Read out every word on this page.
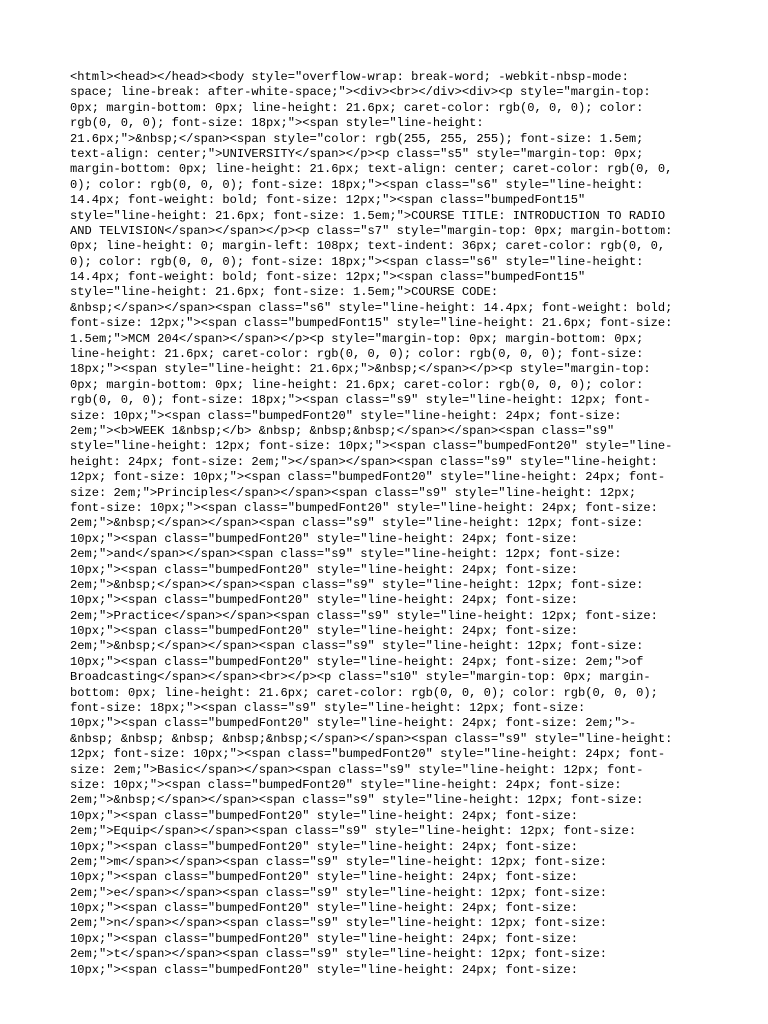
<html><head></head><body style="overflow-wrap: break-word; -webkit-nbsp-mode:
space; line-break: after-white-space;"><div><br></div><div><p style="margin-top:
0px; margin-bottom: 0px; line-height: 21.6px; caret-color: rgb(0, 0, 0); color:
rgb(0, 0, 0); font-size: 18px;"><span style="line-height:
21.6px;">&nbsp;</span><span style="color: rgb(255, 255, 255); font-size: 1.5em;
text-align: center;">UNIVERSITY</span></p><p class="s5" style="margin-top: 0px;
margin-bottom: 0px; line-height: 21.6px; text-align: center; caret-color: rgb(0, 0,
0); color: rgb(0, 0, 0); font-size: 18px;"><span class="s6" style="line-height:
14.4px; font-weight: bold; font-size: 12px;"><span class="bumpedFont15"
style="line-height: 21.6px; font-size: 1.5em;">COURSE TITLE: INTRODUCTION TO RADIO
AND TELVISION</span></span></p><p class="s7" style="margin-top: 0px; margin-bottom:
0px; line-height: 0; margin-left: 108px; text-indent: 36px; caret-color: rgb(0, 0,
0); color: rgb(0, 0, 0); font-size: 18px;"><span class="s6" style="line-height:
14.4px; font-weight: bold; font-size: 12px;"><span class="bumpedFont15"
style="line-height: 21.6px; font-size: 1.5em;">COURSE CODE:
&nbsp;</span></span><span class="s6" style="line-height: 14.4px; font-weight: bold;
font-size: 12px;"><span class="bumpedFont15" style="line-height: 21.6px; font-size:
1.5em;">MCM 204</span></span></p><p style="margin-top: 0px; margin-bottom: 0px;
line-height: 21.6px; caret-color: rgb(0, 0, 0); color: rgb(0, 0, 0); font-size:
18px;"><span style="line-height: 21.6px;">&nbsp;</span></p><p style="margin-top:
0px; margin-bottom: 0px; line-height: 21.6px; caret-color: rgb(0, 0, 0); color:
rgb(0, 0, 0); font-size: 18px;"><span class="s9" style="line-height: 12px; font-
size: 10px;"><span class="bumpedFont20" style="line-height: 24px; font-size:
2em;"><b>WEEK 1&nbsp;</b> &nbsp; &nbsp;&nbsp;</span></span><span class="s9"
style="line-height: 12px; font-size: 10px;"><span class="bumpedFont20" style="line-
height: 24px; font-size: 2em;"></span></span><span class="s9" style="line-height:
12px; font-size: 10px;"><span class="bumpedFont20" style="line-height: 24px; font-
size: 2em;">Principles</span></span><span class="s9" style="line-height: 12px;
font-size: 10px;"><span class="bumpedFont20" style="line-height: 24px; font-size:
2em;">&nbsp;</span></span><span class="s9" style="line-height: 12px; font-size:
10px;"><span class="bumpedFont20" style="line-height: 24px; font-size:
2em;">and</span></span><span class="s9" style="line-height: 12px; font-size:
10px;"><span class="bumpedFont20" style="line-height: 24px; font-size:
2em;">&nbsp;</span></span><span class="s9" style="line-height: 12px; font-size:
10px;"><span class="bumpedFont20" style="line-height: 24px; font-size:
2em;">Practice</span></span><span class="s9" style="line-height: 12px; font-size:
10px;"><span class="bumpedFont20" style="line-height: 24px; font-size:
2em;">&nbsp;</span></span><span class="s9" style="line-height: 12px; font-size:
10px;"><span class="bumpedFont20" style="line-height: 24px; font-size: 2em;">of
Broadcasting</span></span><br></p><p class="s10" style="margin-top: 0px; margin-
bottom: 0px; line-height: 21.6px; caret-color: rgb(0, 0, 0); color: rgb(0, 0, 0);
font-size: 18px;"><span class="s9" style="line-height: 12px; font-size:
10px;"><span class="bumpedFont20" style="line-height: 24px; font-size: 2em;">-
&nbsp; &nbsp; &nbsp; &nbsp;&nbsp;</span></span><span class="s9" style="line-height:
12px; font-size: 10px;"><span class="bumpedFont20" style="line-height: 24px; font-
size: 2em;">Basic</span></span><span class="s9" style="line-height: 12px; font-
size: 10px;"><span class="bumpedFont20" style="line-height: 24px; font-size:
2em;">&nbsp;</span></span><span class="s9" style="line-height: 12px; font-size:
10px;"><span class="bumpedFont20" style="line-height: 24px; font-size:
2em;">Equip</span></span><span class="s9" style="line-height: 12px; font-size:
10px;"><span class="bumpedFont20" style="line-height: 24px; font-size:
2em;">m</span></span><span class="s9" style="line-height: 12px; font-size:
10px;"><span class="bumpedFont20" style="line-height: 24px; font-size:
2em;">e</span></span><span class="s9" style="line-height: 12px; font-size:
10px;"><span class="bumpedFont20" style="line-height: 24px; font-size:
2em;">n</span></span><span class="s9" style="line-height: 12px; font-size:
10px;"><span class="bumpedFont20" style="line-height: 24px; font-size:
2em;">t</span></span><span class="s9" style="line-height: 12px; font-size:
10px;"><span class="bumpedFont20" style="line-height: 24px; font-size:
